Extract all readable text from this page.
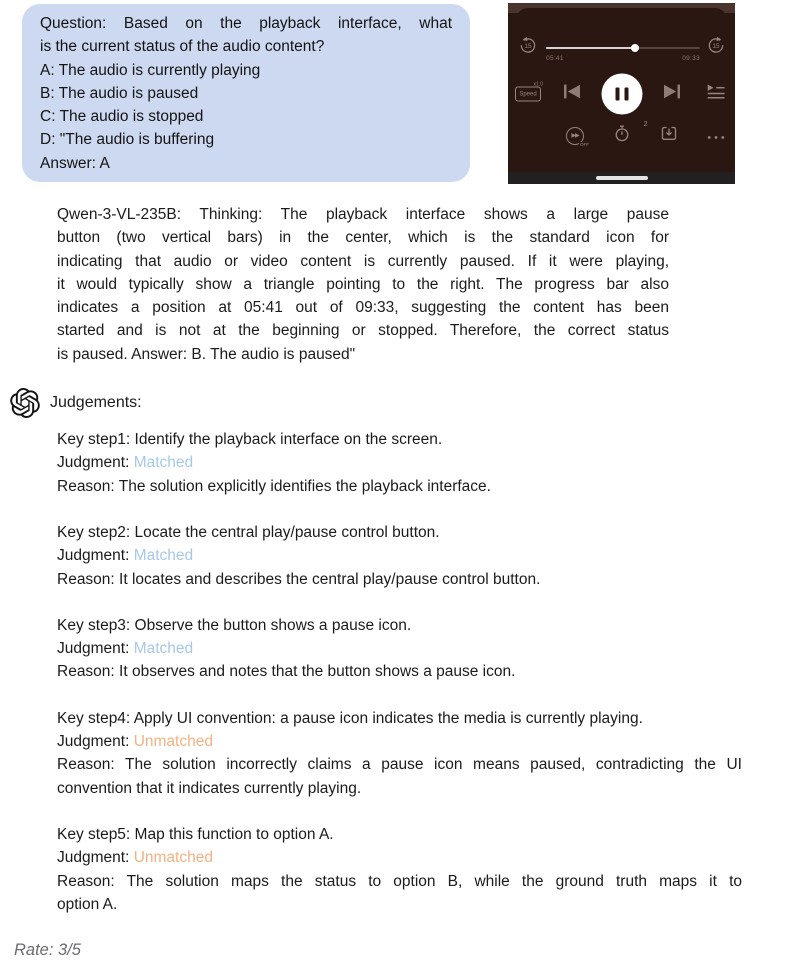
Question: Based on the playback interface, what
is the current status of the audio content?
A: The audio is currently playing
B: The audio is paused
C: The audio is stopped
D: "The audio is buffering
Answer: A
15
05:41	09:33
15
Speed
x1.0
2
▶▶
OFF
Qwen-3-VL-235B: Thinking: The playback interface shows a large pause
button (two vertical bars) in the center, which is the standard icon for
indicating that audio or video content is currently paused. If it were playing,
it would typically show a triangle pointing to the right. The progress bar also
indicates a position at 05:41 out of 09:33, suggesting the content has been
started and is not at the beginning or stopped. Therefore, the correct status
is paused. Answer: B. The audio is paused"
Judgements:
Key step1: Identify the playback interface on the screen.
Judgment: Matched
Reason: The solution explicitly identifies the playback interface.
Key step2: Locate the central play/pause control button.
Judgment: Matched
Reason: It locates and describes the central play/pause control button.
Key step3: Observe the button shows a pause icon.
Judgment: Matched
Reason: It observes and notes that the button shows a pause icon.
Key step4: Apply UI convention: a pause icon indicates the media is currently playing.
Judgment: Unmatched
Reason: The solution incorrectly claims a pause icon means paused, contradicting the UI
convention that it indicates currently playing.
Key step5: Map this function to option A.
Judgment: Unmatched
Reason: The solution maps the status to option B, while the ground truth maps it to
option A.
Rate: 3/5
